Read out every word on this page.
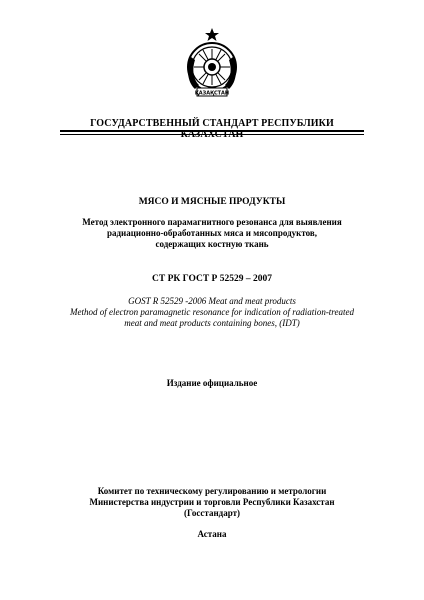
ҚАЗАҚСТАН
ГОСУДАРСТВЕННЫЙ СТАНДАРТ РЕСПУБЛИКИ КАЗАХСТАН
МЯСО И МЯСНЫЕ ПРОДУКТЫ
Метод электронного парамагнитного резонанса для выявления
радиационно-обработанных мяса и мясопродуктов,
содержащих костную ткань
СТ РК ГОСТ Р 52529 – 2007
GOST R 52529 -2006 Meat and meat products
Method of electron paramagnetic resonance for indication of radiation-treated
meat and meat products containing bones, (IDT)
Издание официальное
Комитет по техническому регулированию и метрологии
Министерства индустрии и торговли Республики Казахстан
(Госстандарт)
Астана
